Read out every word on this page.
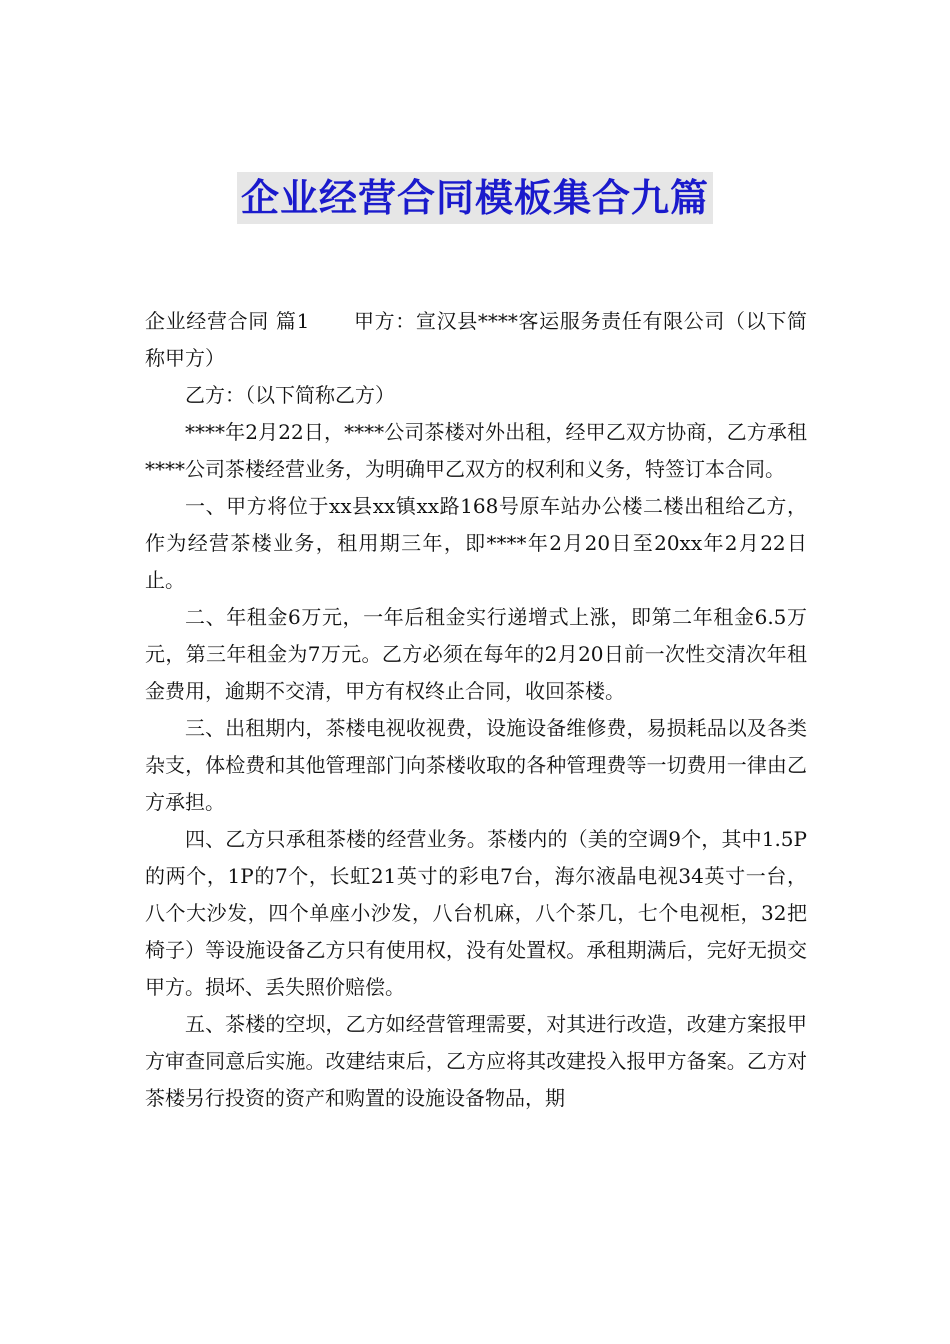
企业经营合同模板集合九篇

企业经营合同 篇1 甲方：宣汉县****客运服务责任有限公司（以下简称甲方）

乙方：（以下简称乙方）

****年2月22日，****公司茶楼对外出租，经甲乙双方协商，乙方承租****公司茶楼经营业务，为明确甲乙双方的权利和义务，特签订本合同。

一、甲方将位于xx县xx镇xx路168号原车站办公楼二楼出租给乙方，作为经营茶楼业务，租用期三年，即****年2月20日至20xx年2月22日止。

二、年租金6万元，一年后租金实行递增式上涨，即第二年租金6.5万元，第三年租金为7万元。乙方必须在每年的2月20日前一次性交清次年租金费用，逾期不交清，甲方有权终止合同，收回茶楼。

三、出租期内，茶楼电视收视费，设施设备维修费，易损耗品以及各类杂支，体检费和其他管理部门向茶楼收取的各种管理费等一切费用一律由乙方承担。

四、乙方只承租茶楼的经营业务。茶楼内的（美的空调9个，其中1.5P的两个，1P的7个，长虹21英寸的彩电7台，海尔液晶电视34英寸一台，八个大沙发，四个单座小沙发，八台机麻，八个茶几，七个电视柜，32把椅子）等设施设备乙方只有使用权，没有处置权。承租期满后，完好无损交甲方。损坏、丢失照价赔偿。

五、茶楼的空坝，乙方如经营管理需要，对其进行改造，改建方案报甲方审查同意后实施。改建结束后，乙方应将其改建投入报甲方备案。乙方对茶楼另行投资的资产和购置的设施设备物品，期
